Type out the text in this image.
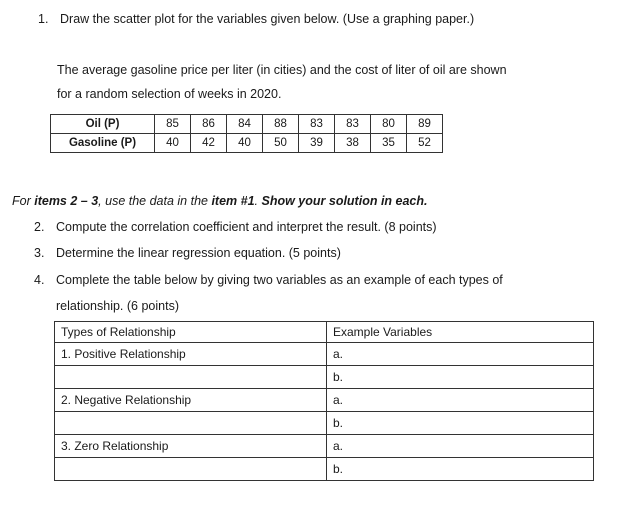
1. Draw the scatter plot for the variables given below. (Use a graphing paper.)
The average gasoline price per liter (in cities) and the cost of liter of oil are shown
for a random selection of weeks in 2020.
Oil (P)	85	86	84	88	83	83	80	89
Gasoline (P)	40	42	40	50	39	38	35	52
For items 2 – 3, use the data in the item #1. Show your solution in each.
2. Compute the correlation coefficient and interpret the result. (8 points)
3. Determine the linear regression equation. (5 points)
4. Complete the table below by giving two variables as an example of each types of
relationship. (6 points)
Types of Relationship	Example Variables
1. Positive Relationship	a.
	b.
2. Negative Relationship	a.
	b.
3. Zero Relationship	a.
	b.
